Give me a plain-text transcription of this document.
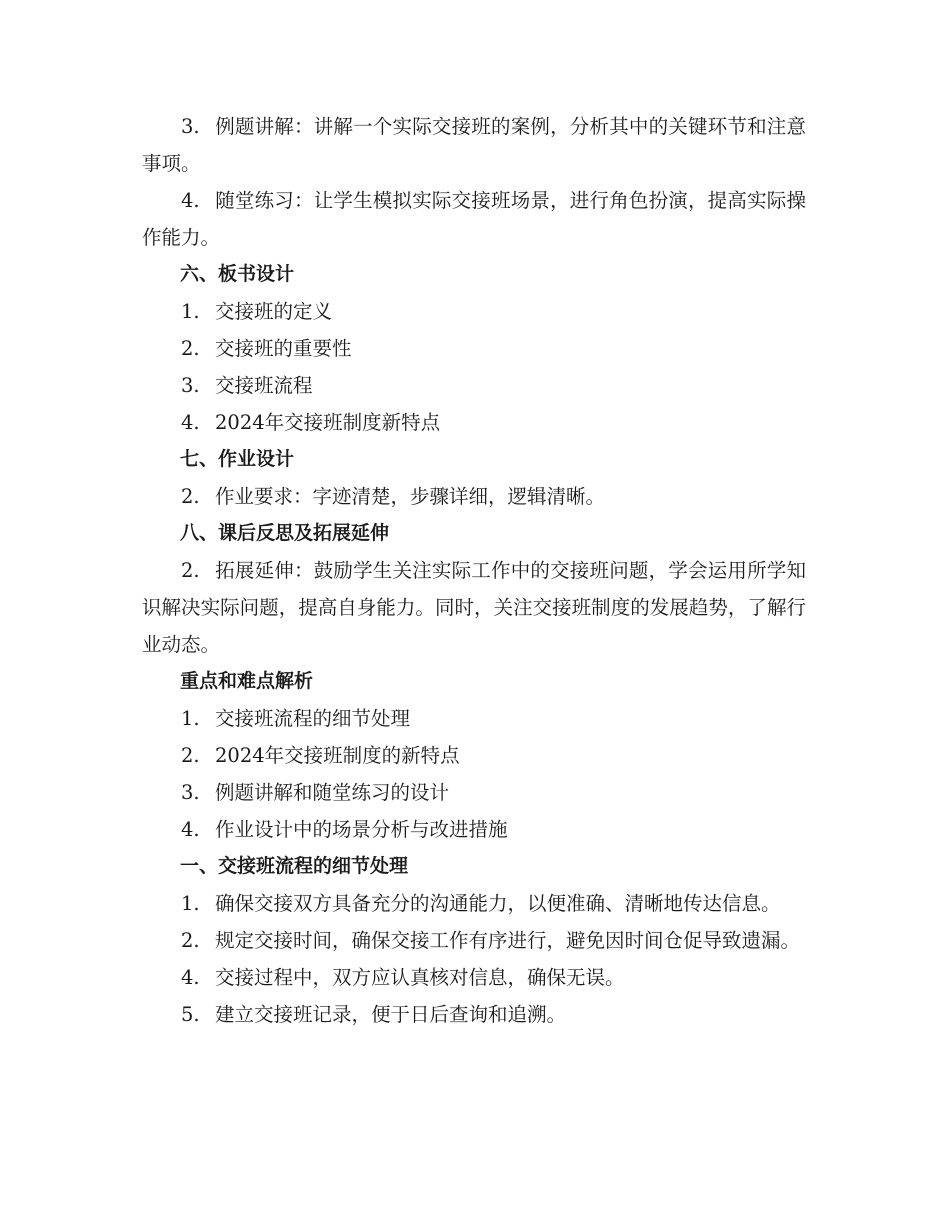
3. 例题讲解：讲解一个实际交接班的案例，分析其中的关键环节和注意事项。

4. 随堂练习：让学生模拟实际交接班场景，进行角色扮演，提高实际操作能力。

六、板书设计

1. 交接班的定义

2. 交接班的重要性

3. 交接班流程

4. 2024年交接班制度新特点

七、作业设计

2. 作业要求：字迹清楚，步骤详细，逻辑清晰。

八、课后反思及拓展延伸

2. 拓展延伸：鼓励学生关注实际工作中的交接班问题，学会运用所学知识解决实际问题，提高自身能力。同时，关注交接班制度的发展趋势，了解行业动态。

重点和难点解析

1. 交接班流程的细节处理

2. 2024年交接班制度的新特点

3. 例题讲解和随堂练习的设计

4. 作业设计中的场景分析与改进措施

一、交接班流程的细节处理

1. 确保交接双方具备充分的沟通能力，以便准确、清晰地传达信息。

2. 规定交接时间，确保交接工作有序进行，避免因时间仓促导致遗漏。

4. 交接过程中，双方应认真核对信息，确保无误。

5. 建立交接班记录，便于日后查询和追溯。
